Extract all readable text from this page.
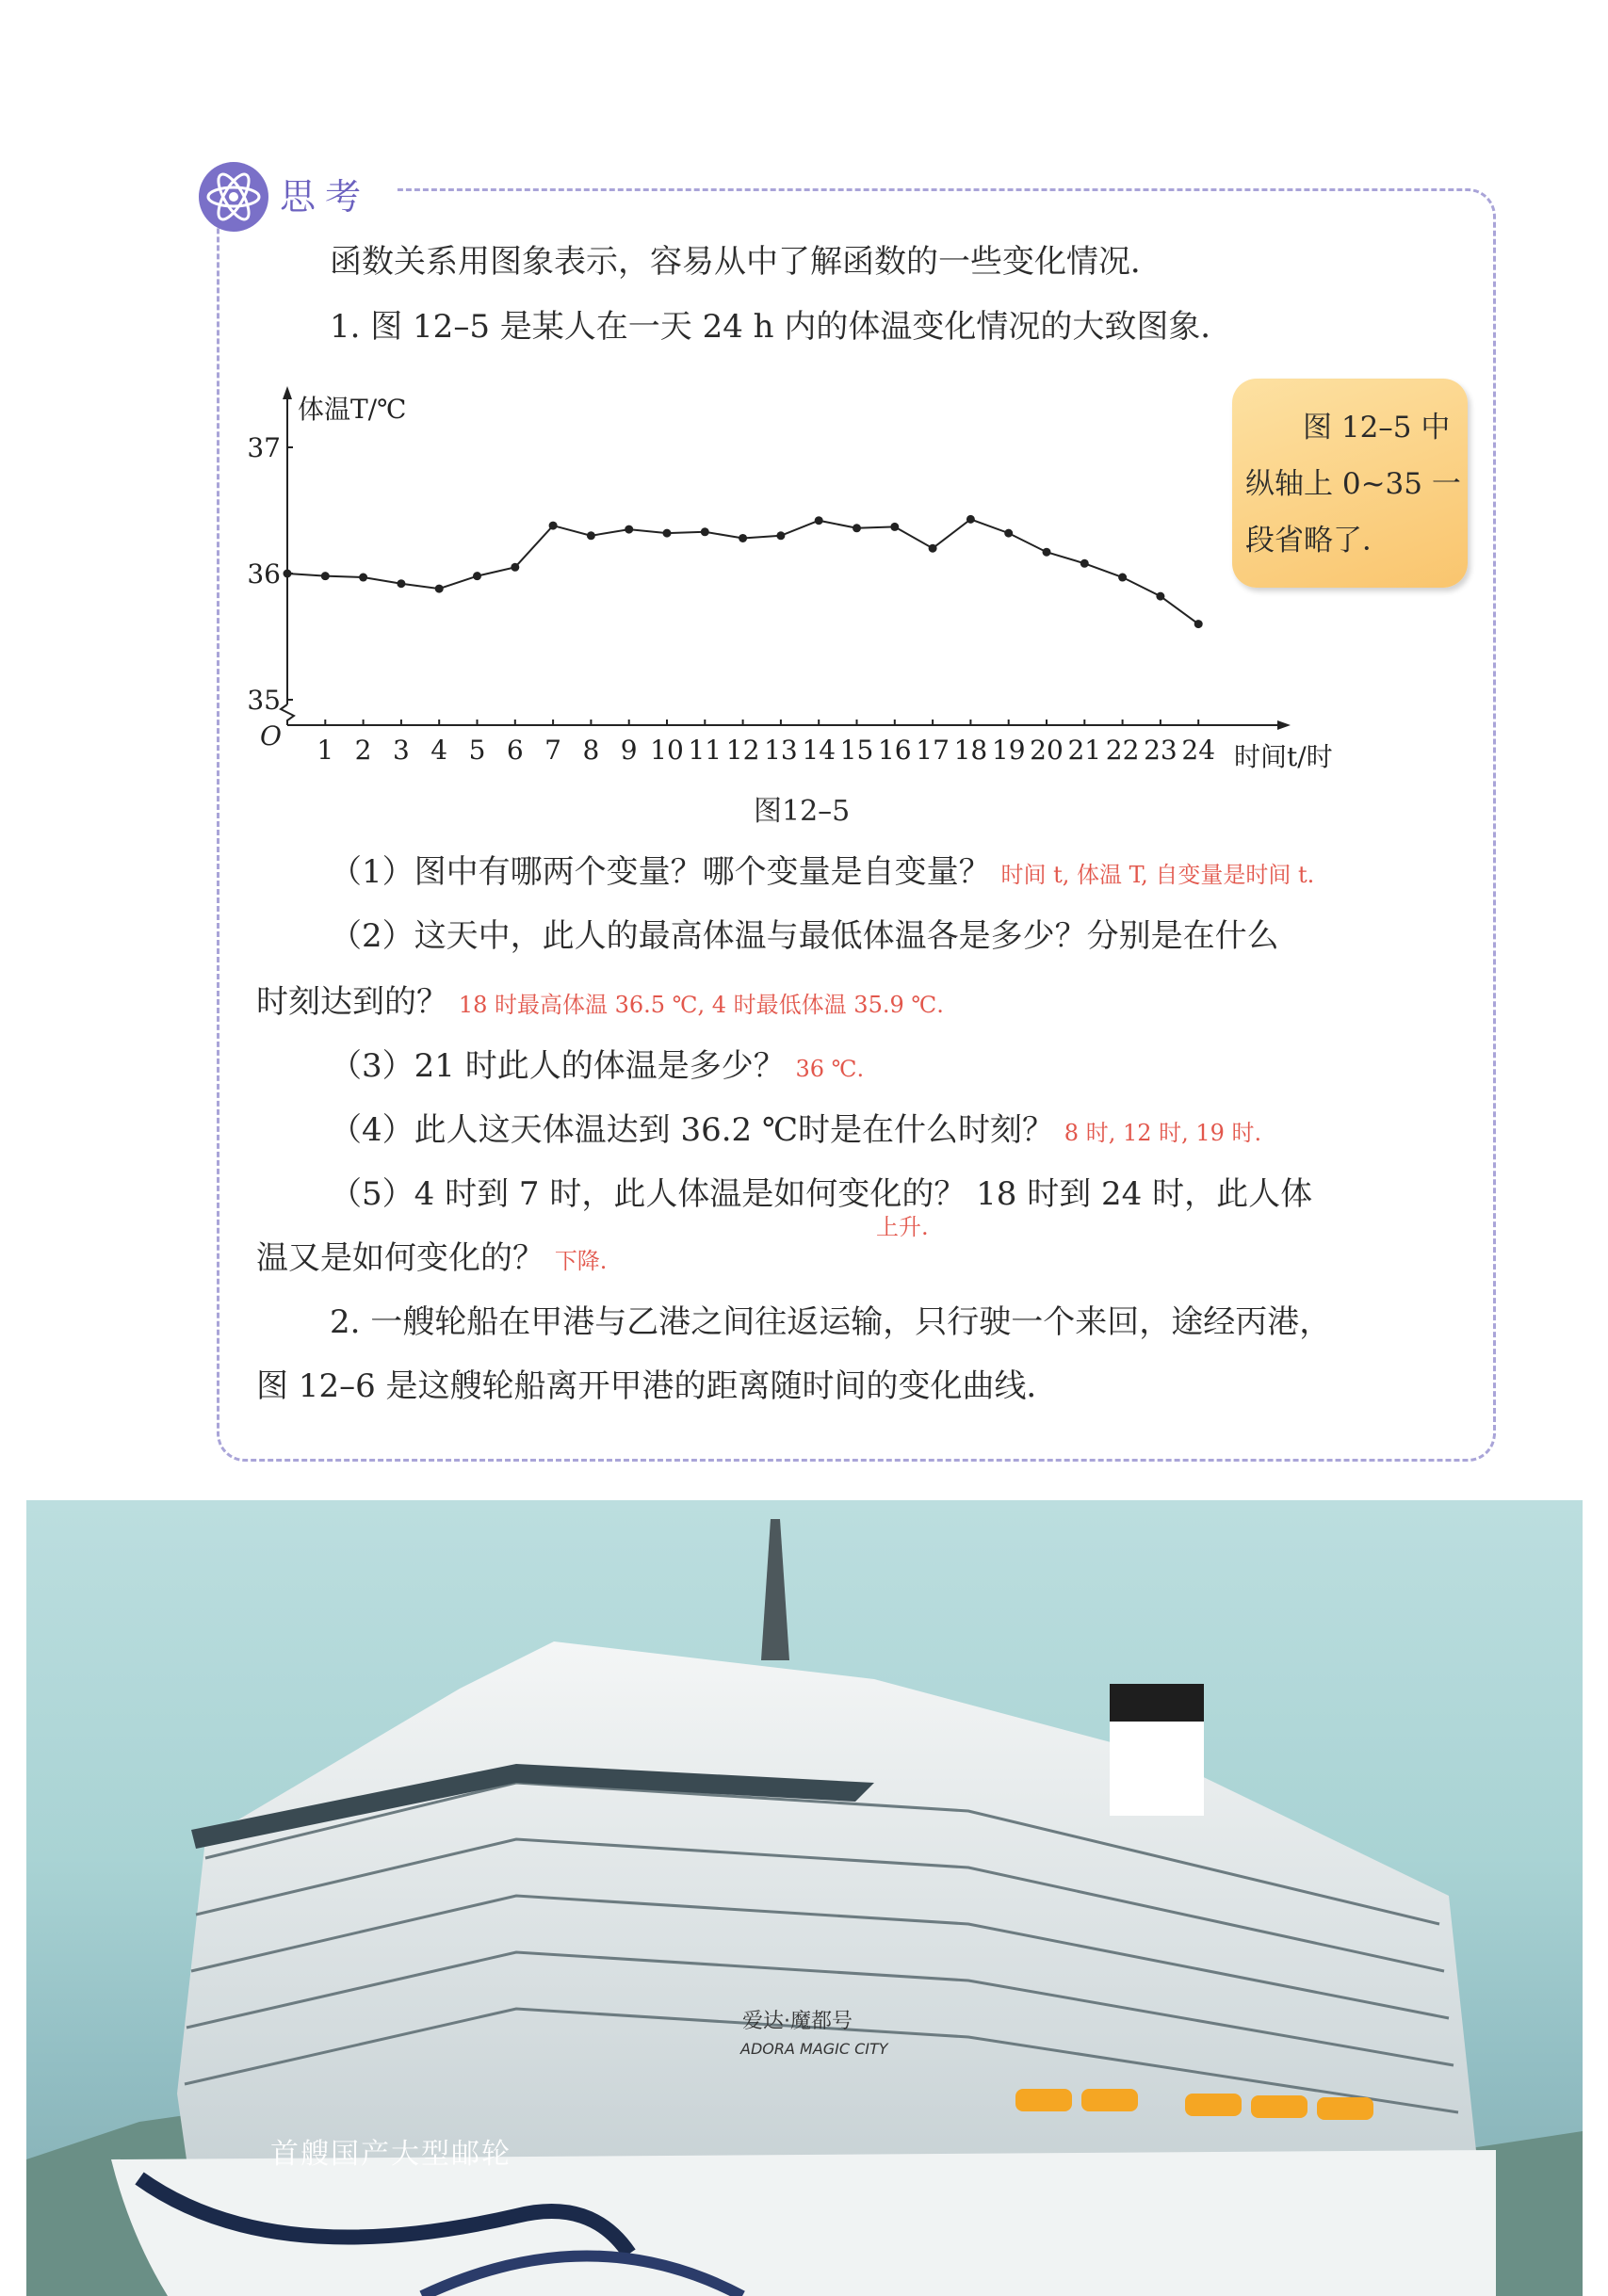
思考
函数关系用图象表示，容易从中了解函数的一些变化情况．
1. 图 12–5 是某人在一天 24 h 内的体温变化情况的大致图象．
体温T/℃
时间t/时
O 1 2 3 4 5 6 7 8 9 10 11 12 13 14 15 16 17 18 19 20 21 22 23 24
35
36
37
图12–5
图 12–5 中
纵轴上 0~35 一
段省略了．
（1）图中有哪两个变量？哪个变量是自变量？ 时间 t, 体温 T, 自变量是时间 t.
（2）这天中，此人的最高体温与最低体温各是多少？分别是在什么
时刻达到的？ 18 时最高体温 36.5 ℃, 4 时最低体温 35.9 ℃.
（3）21 时此人的体温是多少？ 36 ℃.
（4）此人这天体温达到 36.2 ℃时是在什么时刻？ 8 时, 12 时, 19 时.
（5）4 时到 7 时，此人体温是如何变化的？ 18 时到 24 时，此人体
上升.
温又是如何变化的？ 下降.
2. 一艘轮船在甲港与乙港之间往返运输，只行驶一个来回，途经丙港，
图 12–6 是这艘轮船离开甲港的距离随时间的变化曲线．
爱达·魔都号
ADORA MAGIC CITY
首艘国产大型邮轮
